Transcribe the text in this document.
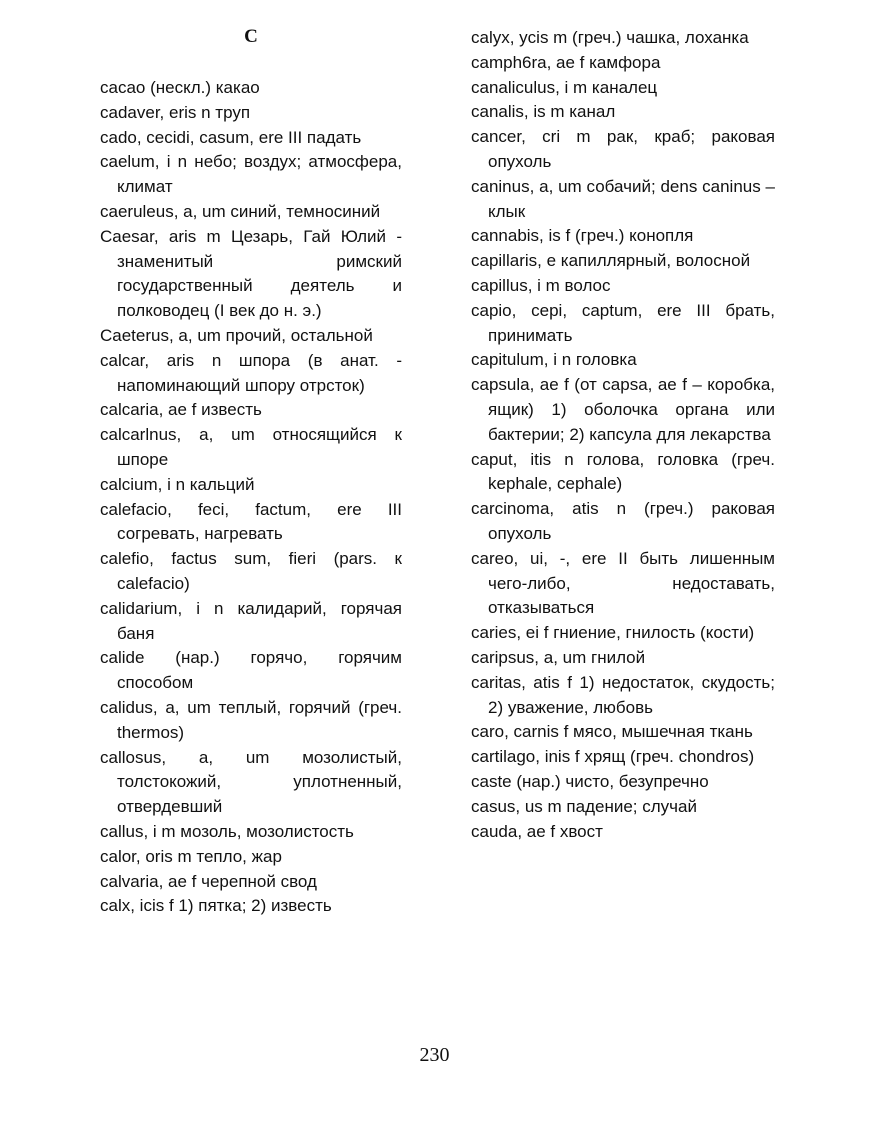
C

cacao (нескл.) какао

cadaver, eris n труп

cado, cecidi, casum, ere III падать

caelum, i n небо; воздух; атмосфера, климат

caeruleus, a, um синий, темносиний

Caesar, aris m Цезарь, Гай Юлий - знаменитый римский государственный деятель и полководец (I век до н. э.)

Caeterus, a, um прочий, остальной

calcar, aris n шпора (в анат. - напоминающий шпору отрсток)

calcaria, ae f известь

calcarlnus, a, um относящийся к шпоре

calcium, i n кальций

calefacio, feci, factum, ere III согревать, нагревать

calefio, factus sum, fieri (pars. к calefacio)

calidarium, i n калидарий, горячая баня

calide (нар.) горячо, горячим способом

calidus, a, um теплый, горячий (греч. thermos)

callosus, a, um мозолистый, толстокожий, уплотненный, отвердевший

callus, i m мозоль, мозолистость

calor, oris m тепло, жар

calvaria, ae f черепной свод

calx, icis f 1) пятка; 2) известь

calyx, ycis m (греч.) чашка, лоханка

camph6ra, ae f камфора

canaliculus, i m каналец

canalis, is m канал

cancer, cri m рак, краб; раковая опухоль

caninus, a, um собачий; dens caninus – клык

cannabis, is f (греч.) конопля

capillaris, e капиллярный, волосной

capillus, i m волос

capio, cepi, captum, ere III брать, принимать

capitulum, i n головка

capsula, ae f (от capsa, ae f – коробка, ящик) 1) оболочка органа или бактерии; 2) капсула для лекарства

caput, itis n голова, головка (греч. kephale, cephale)

carcinoma, atis n (греч.) раковая опухоль

careo, ui, -, ere II быть лишенным чего-либо, недоставать, отказываться

caries, ei f гниение, гнилость (кости)

caripsus, a, um гнилой

caritas, atis f 1) недостаток, скудость; 2) уважение, любовь

caro, carnis f мясо, мышечная ткань

cartilago, inis f хрящ (греч. chondros)

caste (нар.) чисто, безупречно

casus, us m падение; случай

cauda, ae f хвост

230
